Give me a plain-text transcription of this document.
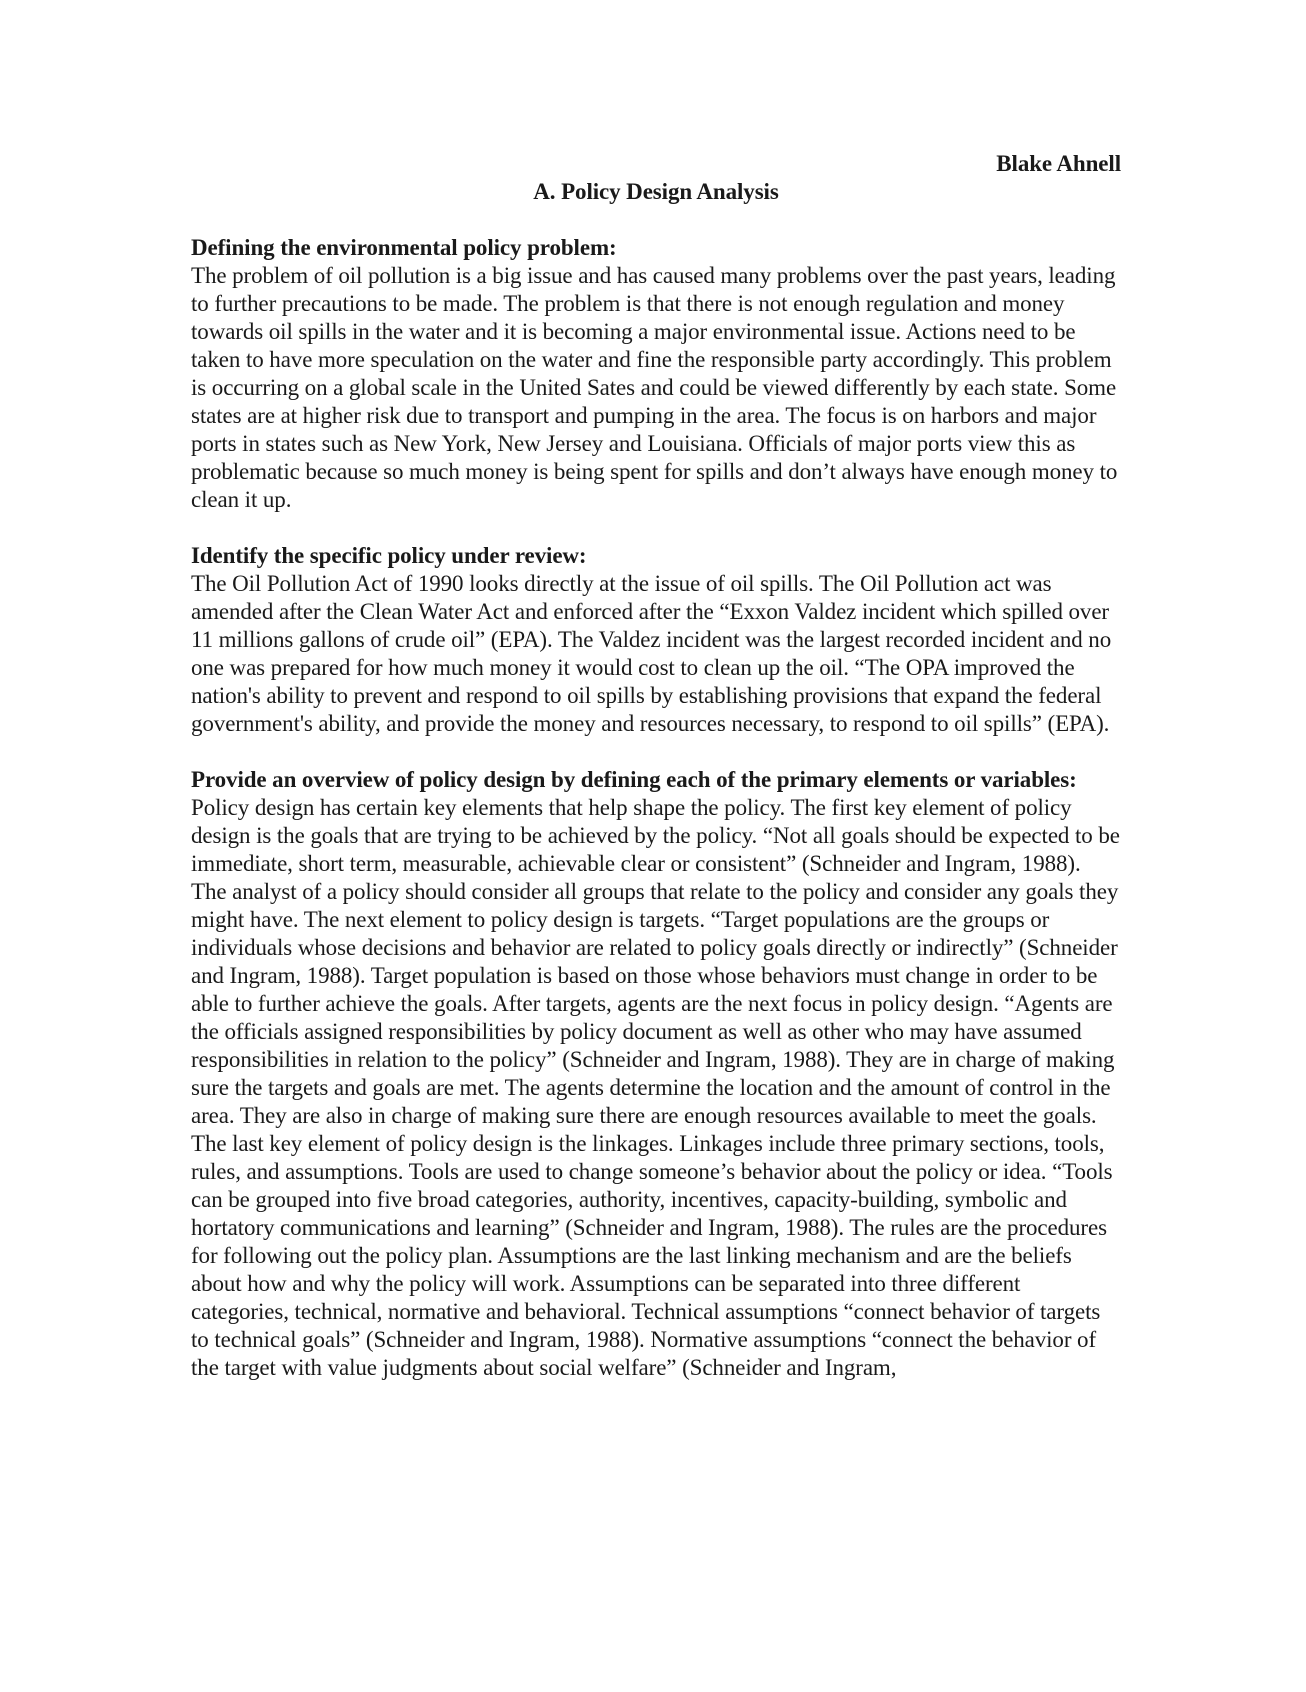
Blake Ahnell

A. Policy Design Analysis

Defining the environmental policy problem:

The problem of oil pollution is a big issue and has caused many problems over the past years, leading to further precautions to be made. The problem is that there is not enough regulation and money towards oil spills in the water and it is becoming a major environmental issue. Actions need to be taken to have more speculation on the water and fine the responsible party accordingly. This problem is occurring on a global scale in the United Sates and could be viewed differently by each state. Some states are at higher risk due to transport and pumping in the area. The focus is on harbors and major ports in states such as New York, New Jersey and Louisiana. Officials of major ports view this as problematic because so much money is being spent for spills and don’t always have enough money to clean it up.

Identify the specific policy under review:

The Oil Pollution Act of 1990 looks directly at the issue of oil spills. The Oil Pollution act was amended after the Clean Water Act and enforced after the “Exxon Valdez incident which spilled over 11 millions gallons of crude oil” (EPA). The Valdez incident was the largest recorded incident and no one was prepared for how much money it would cost to clean up the oil. “The OPA improved the nation's ability to prevent and respond to oil spills by establishing provisions that expand the federal government's ability, and provide the money and resources necessary, to respond to oil spills” (EPA).

Provide an overview of policy design by defining each of the primary elements or variables:

Policy design has certain key elements that help shape the policy. The first key element of policy design is the goals that are trying to be achieved by the policy. “Not all goals should be expected to be immediate, short term, measurable, achievable clear or consistent” (Schneider and Ingram, 1988). The analyst of a policy should consider all groups that relate to the policy and consider any goals they might have. The next element to policy design is targets. “Target populations are the groups or individuals whose decisions and behavior are related to policy goals directly or indirectly” (Schneider and Ingram, 1988). Target population is based on those whose behaviors must change in order to be able to further achieve the goals. After targets, agents are the next focus in policy design. “Agents are the officials assigned responsibilities by policy document as well as other who may have assumed responsibilities in relation to the policy” (Schneider and Ingram, 1988). They are in charge of making sure the targets and goals are met. The agents determine the location and the amount of control in the area. They are also in charge of making sure there are enough resources available to meet the goals. The last key element of policy design is the linkages. Linkages include three primary sections, tools, rules, and assumptions. Tools are used to change someone’s behavior about the policy or idea. “Tools can be grouped into five broad categories, authority, incentives, capacity-building, symbolic and hortatory communications and learning” (Schneider and Ingram, 1988). The rules are the procedures for following out the policy plan. Assumptions are the last linking mechanism and are the beliefs about how and why the policy will work. Assumptions can be separated into three different categories, technical, normative and behavioral. Technical assumptions “connect behavior of targets to technical goals” (Schneider and Ingram, 1988). Normative assumptions “connect the behavior of the target with value judgments about social welfare” (Schneider and Ingram,
